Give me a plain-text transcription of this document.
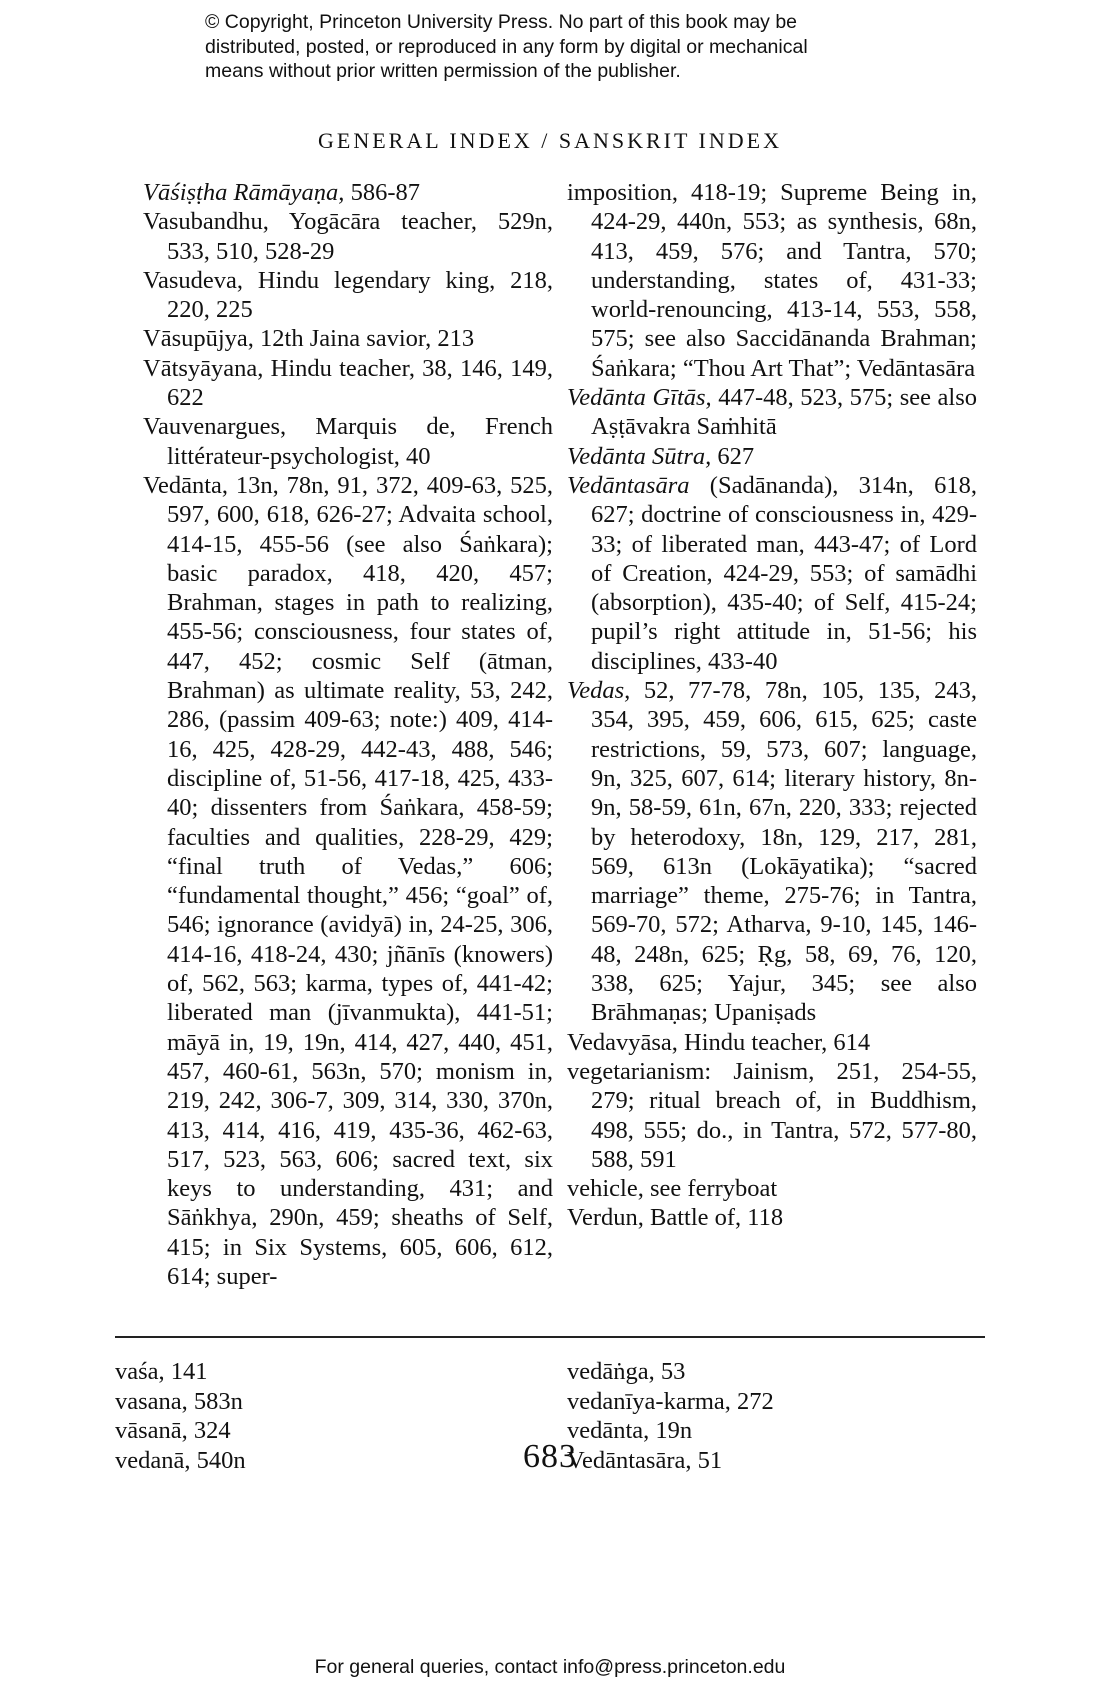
© Copyright, Princeton University Press. No part of this book may be
distributed, posted, or reproduced in any form by digital or mechanical
means without prior written permission of the publisher.
GENERAL INDEX / SANSKRIT INDEX
Vāśiṣṭha Rāmāyaṇa, 586-87
Vasubandhu, Yogācāra teacher, 529n, 533, 510, 528-29
Vasudeva, Hindu legendary king, 218, 220, 225
Vāsupūjya, 12th Jaina savior, 213
Vātsyāyana, Hindu teacher, 38, 146, 149, 622
Vauvenargues, Marquis de, French littérateur-psychologist, 40
Vedānta, 13n, 78n, 91, 372, 409-63, 525, 597, 600, 618, 626-27; Advaita school, 414-15, 455-56 (see also Śaṅkara); basic paradox, 418, 420, 457; Brahman, stages in path to realizing, 455-56; consciousness, four states of, 447, 452; cosmic Self (ātman, Brahman) as ultimate reality, 53, 242, 286, (passim 409-63; note:) 409, 414-16, 425, 428-29, 442-43, 488, 546; discipline of, 51-56, 417-18, 425, 433-40; dissenters from Śaṅkara, 458-59; faculties and qualities, 228-29, 429; “final truth of Vedas,” 606; “fundamental thought,” 456; “goal” of, 546; ignorance (avidyā) in, 24-25, 306, 414-16, 418-24, 430; jñānīs (knowers) of, 562, 563; karma, types of, 441-42; liberated man (jīvanmukta), 441-51; māyā in, 19, 19n, 414, 427, 440, 451, 457, 460-61, 563n, 570; monism in, 219, 242, 306-7, 309, 314, 330, 370n, 413, 414, 416, 419, 435-36, 462-63, 517, 523, 563, 606; sacred text, six keys to understanding, 431; and Sāṅkhya, 290n, 459; sheaths of Self, 415; in Six Systems, 605, 606, 612, 614; super-
imposition, 418-19; Supreme Being in, 424-29, 440n, 553; as synthesis, 68n, 413, 459, 576; and Tantra, 570; understanding, states of, 431-33; world-renouncing, 413-14, 553, 558, 575; see also Saccidānanda Brahman; Śaṅkara; “Thou Art That”; Vedāntasāra
Vedānta Gītās, 447-48, 523, 575; see also Aṣṭāvakra Saṁhitā
Vedānta Sūtra, 627
Vedāntasāra (Sadānanda), 314n, 618, 627; doctrine of consciousness in, 429-33; of liberated man, 443-47; of Lord of Creation, 424-29, 553; of samādhi (absorption), 435-40; of Self, 415-24; pupil’s right attitude in, 51-56; his disciplines, 433-40
Vedas, 52, 77-78, 78n, 105, 135, 243, 354, 395, 459, 606, 615, 625; caste restrictions, 59, 573, 607; language, 9n, 325, 607, 614; literary history, 8n-9n, 58-59, 61n, 67n, 220, 333; rejected by heterodoxy, 18n, 129, 217, 281, 569, 613n (Lokāyatika); “sacred marriage” theme, 275-76; in Tantra, 569-70, 572; Atharva, 9-10, 145, 146-48, 248n, 625; Ṛg, 58, 69, 76, 120, 338, 625; Yajur, 345; see also Brāhmaṇas; Upaniṣads
Vedavyāsa, Hindu teacher, 614
vegetarianism: Jainism, 251, 254-55, 279; ritual breach of, in Buddhism, 498, 555; do., in Tantra, 572, 577-80, 588, 591
vehicle, see ferryboat
Verdun, Battle of, 118
vaśa, 141
vasana, 583n
vāsanā, 324
vedanā, 540n
vedāṅga, 53
vedanīya-karma, 272
vedānta, 19n
Vedāntasāra, 51
683
For general queries, contact info@press.princeton.edu
